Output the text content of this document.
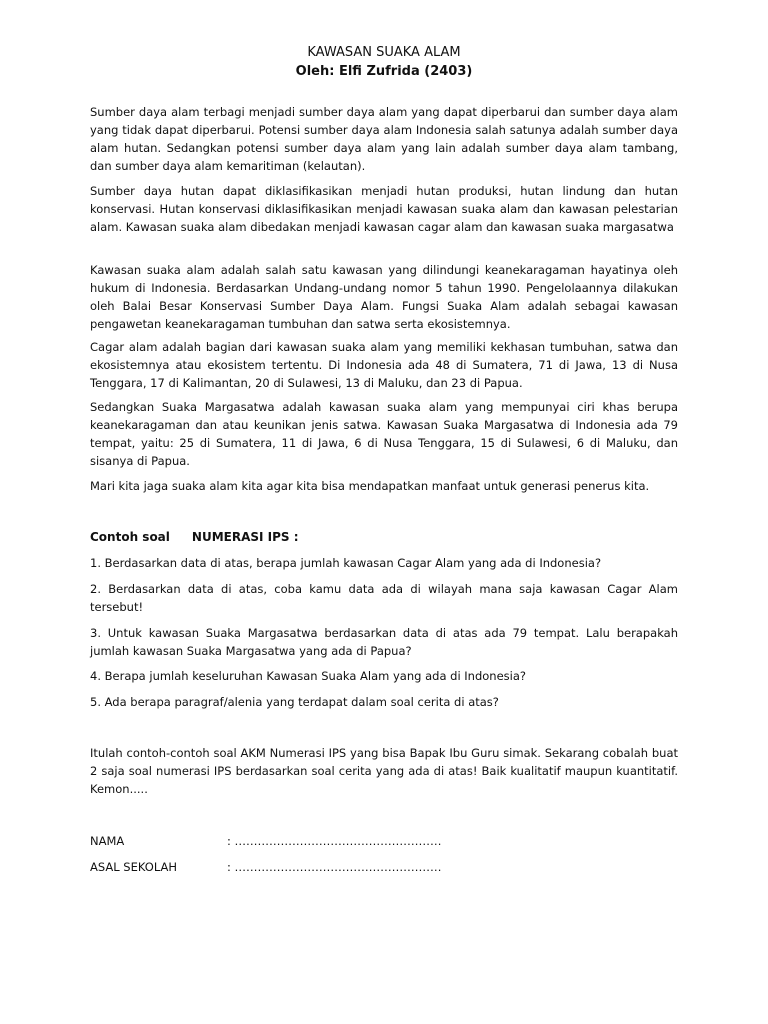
KAWASAN SUAKA ALAM

Oleh: Elfi Zufrida (2403)

Sumber daya alam terbagi menjadi sumber daya alam yang dapat diperbarui dan sumber daya alam yang tidak dapat diperbarui. Potensi sumber daya alam Indonesia salah satunya adalah sumber daya alam hutan. Sedangkan potensi sumber daya alam yang lain adalah sumber daya alam tambang, dan sumber daya alam kemaritiman (kelautan).

Sumber daya hutan dapat diklasifikasikan menjadi hutan produksi, hutan lindung dan hutan konservasi. Hutan konservasi diklasifikasikan menjadi kawasan suaka alam dan kawasan pelestarian alam. Kawasan suaka alam dibedakan menjadi kawasan cagar alam dan kawasan suaka margasatwa

Kawasan suaka alam adalah salah satu kawasan yang dilindungi keanekaragaman hayatinya oleh hukum di Indonesia. Berdasarkan Undang-undang nomor 5 tahun 1990. Pengelolaannya dilakukan oleh Balai Besar Konservasi Sumber Daya Alam. Fungsi Suaka Alam adalah sebagai kawasan pengawetan keanekaragaman tumbuhan dan satwa serta ekosistemnya.

Cagar alam adalah bagian dari kawasan suaka alam yang memiliki kekhasan tumbuhan, satwa dan ekosistemnya atau ekosistem tertentu. Di Indonesia ada 48 di Sumatera, 71 di Jawa, 13 di Nusa Tenggara, 17 di Kalimantan, 20 di Sulawesi, 13 di Maluku, dan 23 di Papua.

Sedangkan Suaka Margasatwa adalah kawasan suaka alam yang mempunyai ciri khas berupa keanekaragaman dan atau keunikan jenis satwa. Kawasan Suaka Margasatwa di Indonesia ada 79 tempat, yaitu: 25 di Sumatera, 11 di Jawa, 6 di Nusa Tenggara, 15 di Sulawesi, 6 di Maluku, dan sisanya di Papua.

Mari kita jaga suaka alam kita agar kita bisa mendapatkan manfaat untuk generasi penerus kita.

Contoh soal NUMERASI IPS :

1. Berdasarkan data di atas, berapa jumlah kawasan Cagar Alam yang ada di Indonesia?

2. Berdasarkan data di atas, coba kamu data ada di wilayah mana saja kawasan Cagar Alam tersebut!

3. Untuk kawasan Suaka Margasatwa berdasarkan data di atas ada 79 tempat. Lalu berapakah jumlah kawasan Suaka Margasatwa yang ada di Papua?

4. Berapa jumlah keseluruhan Kawasan Suaka Alam yang ada di Indonesia?

5. Ada berapa paragraf/alenia yang terdapat dalam soal cerita di atas?

Itulah contoh-contoh soal AKM Numerasi IPS yang bisa Bapak Ibu Guru simak. Sekarang cobalah buat 2 saja soal numerasi IPS berdasarkan soal cerita yang ada di atas! Baik kualitatif maupun kuantitatif. Kemon.....

NAMA	: ………………………………………………
ASAL SEKOLAH	: ………………………………………………
